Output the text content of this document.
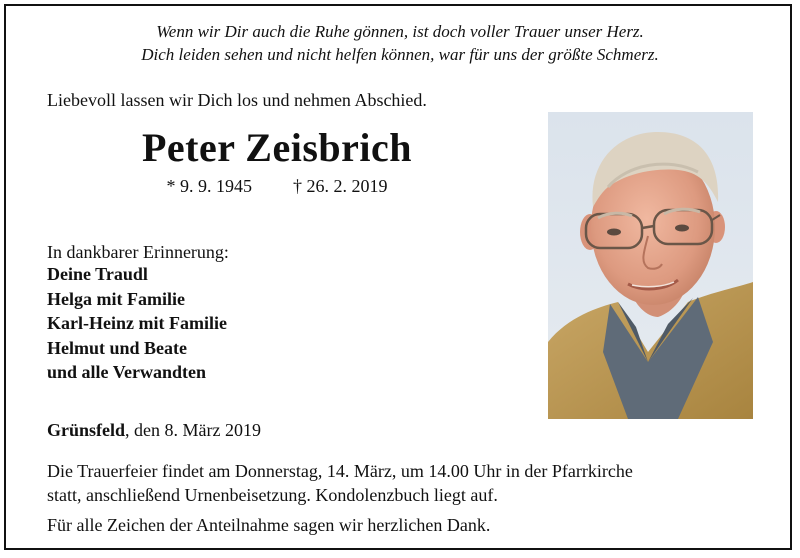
Wenn wir Dir auch die Ruhe gönnen, ist doch voller Trauer unser Herz.
Dich leiden sehen und nicht helfen können, war für uns der größte Schmerz.
Liebevoll lassen wir Dich los und nehmen Abschied.
Peter Zeisbrich
* 9. 9. 1945 † 26. 2. 2019
In dankbarer Erinnerung:
Deine Traudl
Helga mit Familie
Karl-Heinz mit Familie
Helmut und Beate
und alle Verwandten
Grünsfeld, den 8. März 2019
Die Trauerfeier findet am Donnerstag, 14. März, um 14.00 Uhr in der Pfarrkirche
statt, anschließend Urnenbeisetzung. Kondolenzbuch liegt auf.
Für alle Zeichen der Anteilnahme sagen wir herzlichen Dank.
